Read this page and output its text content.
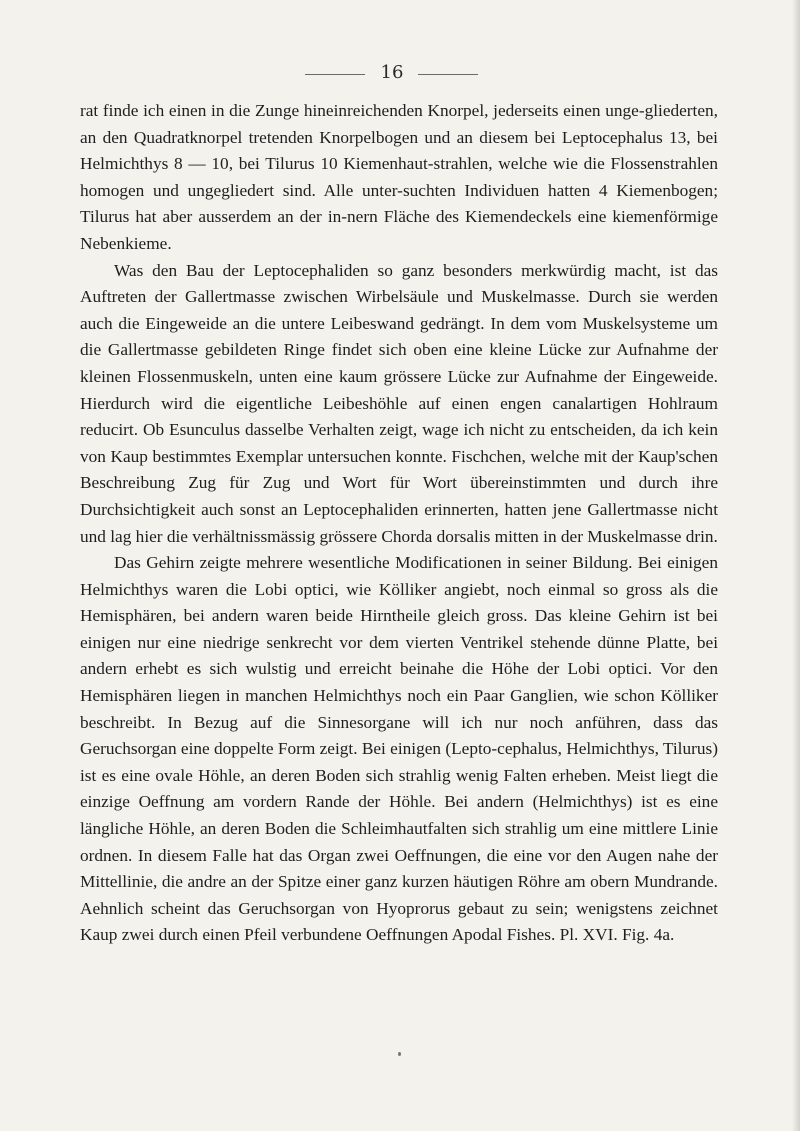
16

rat finde ich einen in die Zunge hineinreichenden Knorpel, jederseits einen unge-gliederten, an den Quadratknorpel tretenden Knorpelbogen und an diesem bei Leptocephalus 13, bei Helmichthys 8 — 10, bei Tilurus 10 Kiemenhaut-strahlen, welche wie die Flossenstrahlen homogen und ungegliedert sind. Alle unter-suchten Individuen hatten 4 Kiemenbogen; Tilurus hat aber ausserdem an der in-nern Fläche des Kiemendeckels eine kiemenförmige Nebenkieme.

Was den Bau der Leptocephaliden so ganz besonders merkwürdig macht, ist das Auftreten der Gallertmasse zwischen Wirbelsäule und Muskelmasse. Durch sie werden auch die Eingeweide an die untere Leibeswand gedrängt. In dem vom Muskelsysteme um die Gallertmasse gebildeten Ringe findet sich oben eine kleine Lücke zur Aufnahme der kleinen Flossenmuskeln, unten eine kaum grössere Lücke zur Aufnahme der Eingeweide. Hierdurch wird die eigentliche Leibeshöhle auf einen engen canalartigen Hohlraum reducirt. Ob Esunculus dasselbe Verhalten zeigt, wage ich nicht zu entscheiden, da ich kein von Kaup bestimmtes Exemplar untersuchen konnte. Fischchen, welche mit der Kaup'schen Beschreibung Zug für Zug und Wort für Wort übereinstimmten und durch ihre Durchsichtigkeit auch sonst an Leptocephaliden erinnerten, hatten jene Gallertmasse nicht und lag hier die verhältnissmässig grössere Chorda dorsalis mitten in der Muskelmasse drin.

Das Gehirn zeigte mehrere wesentliche Modificationen in seiner Bildung. Bei einigen Helmichthys waren die Lobi optici, wie Kölliker angiebt, noch einmal so gross als die Hemisphären, bei andern waren beide Hirntheile gleich gross. Das kleine Gehirn ist bei einigen nur eine niedrige senkrecht vor dem vierten Ventrikel stehende dünne Platte, bei andern erhebt es sich wulstig und erreicht beinahe die Höhe der Lobi optici. Vor den Hemisphären liegen in manchen Helmichthys noch ein Paar Ganglien, wie schon Kölliker beschreibt. In Bezug auf die Sinnesorgane will ich nur noch anführen, dass das Geruchsorgan eine doppelte Form zeigt. Bei einigen (Lepto-cephalus, Helmichthys, Tilurus) ist es eine ovale Höhle, an deren Boden sich strahlig wenig Falten erheben. Meist liegt die einzige Oeffnung am vordern Rande der Höhle. Bei andern (Helmichthys) ist es eine längliche Höhle, an deren Boden die Schleimhautfalten sich strahlig um eine mittlere Linie ordnen. In diesem Falle hat das Organ zwei Oeffnungen, die eine vor den Augen nahe der Mittellinie, die andre an der Spitze einer ganz kurzen häutigen Röhre am obern Mundrande. Aehnlich scheint das Geruchsorgan von Hyoprorus gebaut zu sein; wenigstens zeichnet Kaup zwei durch einen Pfeil verbundene Oeffnungen Apodal Fishes. Pl. XVI. Fig. 4a.
